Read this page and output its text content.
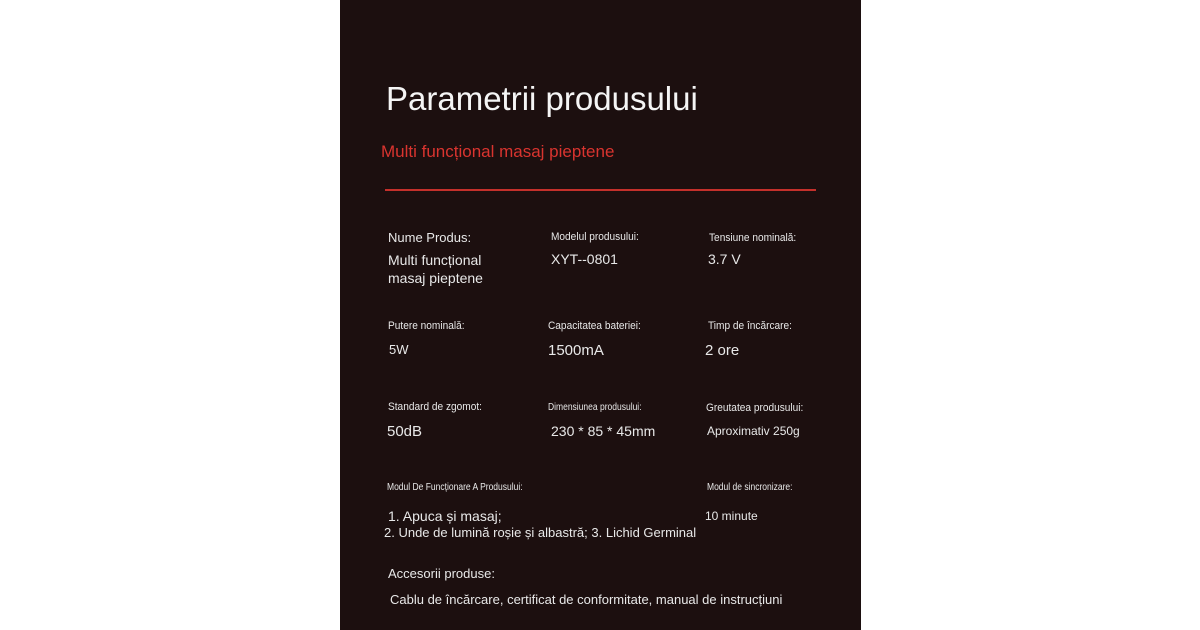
Parametrii produsului
Multi funcțional masaj pieptene
Nume Produs:
Multi funcțional
masaj pieptene
Modelul produsului:
XYT--0801
Tensiune nominală:
3.7 V
Putere nominală:
5W
Capacitatea bateriei:
1500mA
Timp de încărcare:
2 ore
Standard de zgomot:
50dB
Dimensiunea produsului:
230 * 85 * 45mm
Greutatea produsului:
Aproximativ 250g
Modul De Funcționare A Produsului:
1. Apuca și masaj;
2. Unde de lumină roșie și albastră; 3. Lichid Germinal
Modul de sincronizare:
10 minute
Accesorii produse:
Cablu de încărcare, certificat de conformitate, manual de instrucțiuni
